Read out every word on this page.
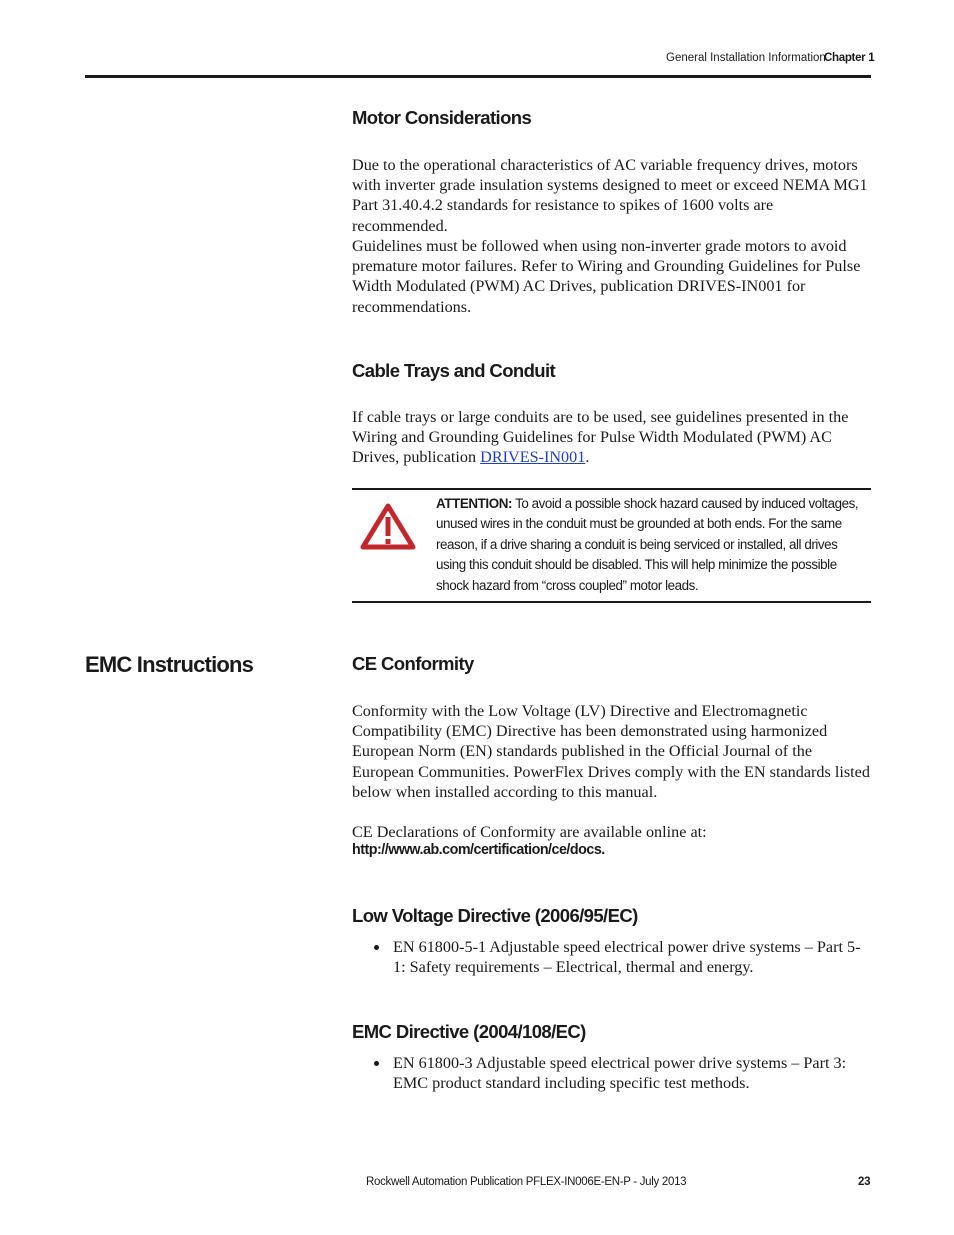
General Installation Information
Chapter 1
Motor Considerations

Due to the operational characteristics of AC variable frequency drives, motors with inverter grade insulation systems designed to meet or exceed NEMA MG1 Part 31.40.4.2 standards for resistance to spikes of 1600 volts are recommended.

Guidelines must be followed when using non-inverter grade motors to avoid premature motor failures. Refer to Wiring and Grounding Guidelines for Pulse Width Modulated (PWM) AC Drives, publication DRIVES-IN001 for recommendations.

Cable Trays and Conduit

If cable trays or large conduits are to be used, see guidelines presented in the Wiring and Grounding Guidelines for Pulse Width Modulated (PWM) AC Drives, publication DRIVES-IN001.

ATTENTION: To avoid a possible shock hazard caused by induced voltages, unused wires in the conduit must be grounded at both ends. For the same reason, if a drive sharing a conduit is being serviced or installed, all drives using this conduit should be disabled. This will help minimize the possible shock hazard from “cross coupled” motor leads.
EMC Instructions	CE Conformity

Conformity with the Low Voltage (LV) Directive and Electromagnetic Compatibility (EMC) Directive has been demonstrated using harmonized European Norm (EN) standards published in the Official Journal of the European Communities. PowerFlex Drives comply with the EN standards listed below when installed according to this manual.

CE Declarations of Conformity are available online at:

http://www.ab.com/certification/ce/docs.
Low Voltage Directive (2006/95/EC)
EN 61800-5-1 Adjustable speed electrical power drive systems – Part 5-1: Safety requirements – Electrical, thermal and energy.
EMC Directive (2004/108/EC)
EN 61800-3 Adjustable speed electrical power drive systems – Part 3: EMC product standard including specific test methods.
Rockwell Automation Publication PFLEX-IN006E-EN-P - July 2013	23
